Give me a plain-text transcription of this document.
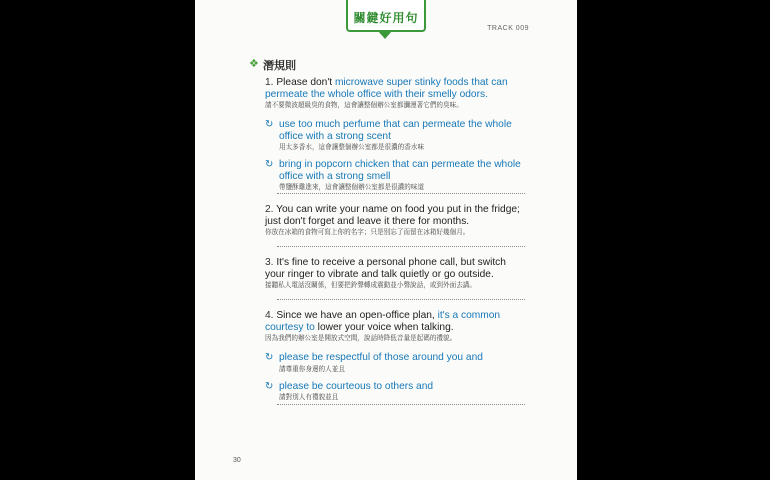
關鍵好用句
TRACK 009
❖ 潛規則
1. Please don't microwave super stinky foods that can permeate the whole office with their smelly odors.
請不要微波超級臭的食物，這會讓整個辦公室都瀰漫著它們的臭味。
↻ use too much perfume that can permeate the whole office with a strong scent
用太多香水，這會讓整個辦公室都是很濃的香水味
↻ bring in popcorn chicken that can permeate the whole office with a strong smell
帶鹽酥雞進來，這會讓整個辦公室都是很濃的味道
2. You can write your name on food you put in the fridge; just don't forget and leave it there for months.
你放在冰箱的食物可寫上你的名字；只是別忘了而留在冰箱好幾個月。
3. It's fine to receive a personal phone call, but switch your ringer to vibrate and talk quietly or go outside.
接聽私人電話沒關係，但要把鈴聲轉成震動並小聲說話，或到外面去講。
4. Since we have an open-office plan, it's a common courtesy to lower your voice when talking.
因為我們的辦公室是開放式空間，說話時降低音量是起碼的禮貌。
↻ please be respectful of those around you and
請尊重你身邊的人並且
↻ please be courteous to others and
請對別人有禮貌並且
30
